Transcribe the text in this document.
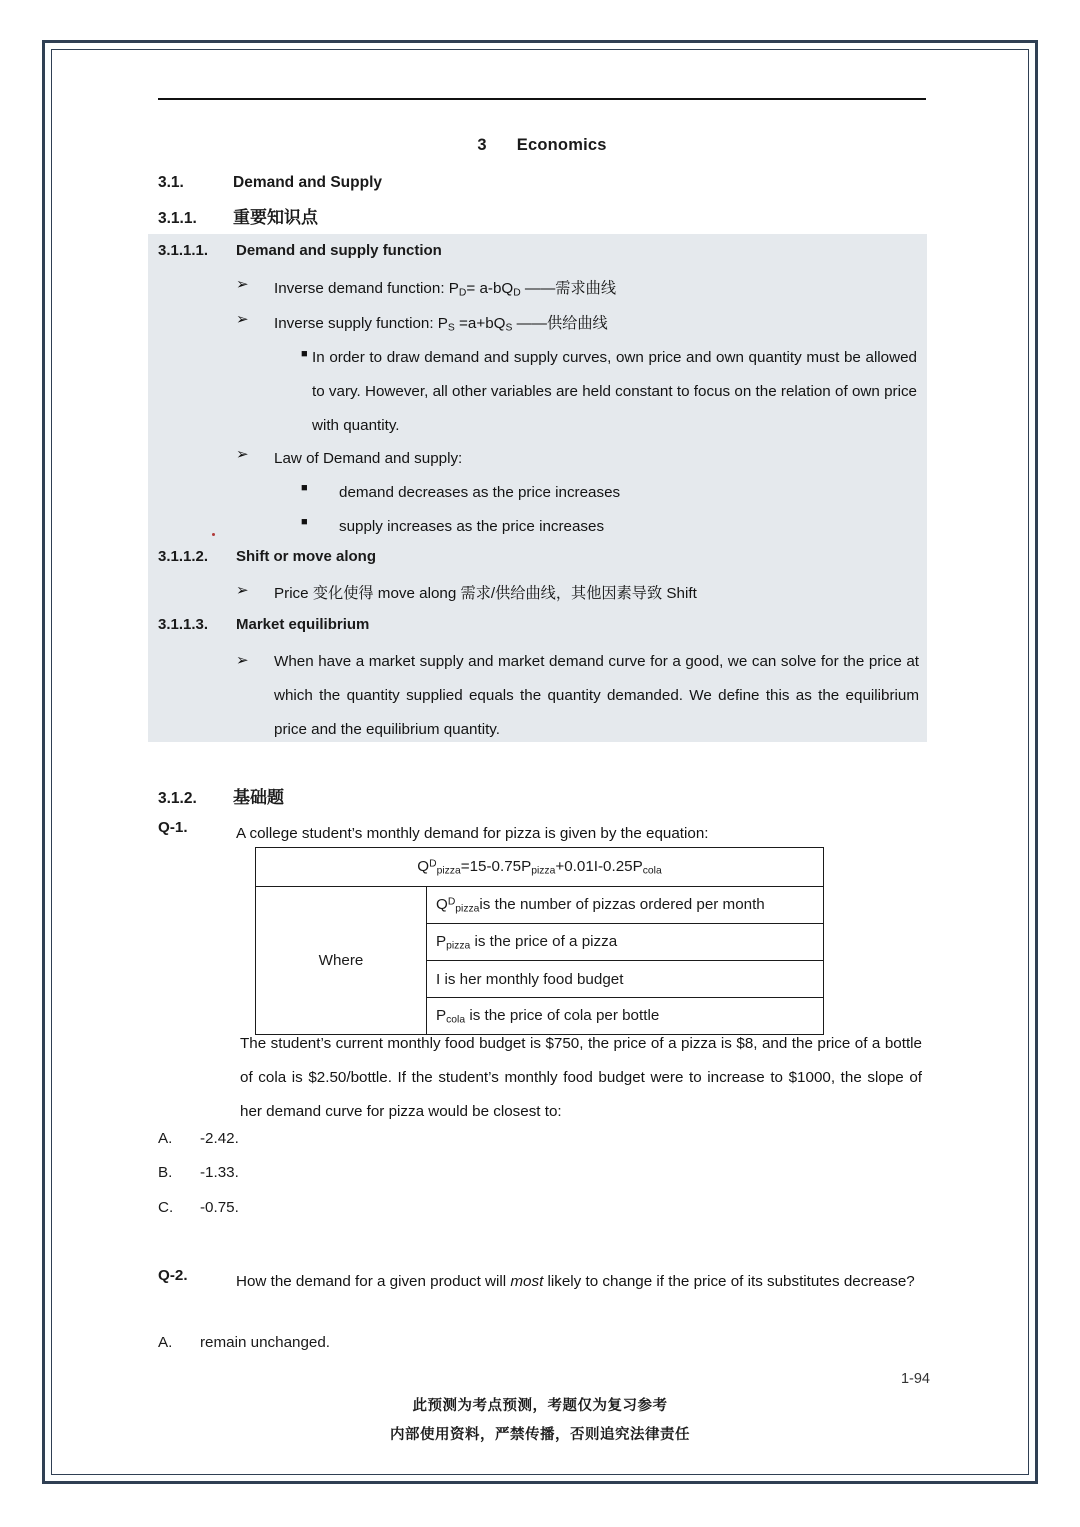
3 Economics
3.1.	Demand and Supply
3.1.1. 重要知识点
3.1.1.1. Demand and supply function
➢ Inverse demand function: $P_D= a-bQ_D$ ——需求曲线
➢ Inverse supply function: $P_S =a+bQ_S$ ——供给曲线
■ In order to draw demand and supply curves, own price and own quantity must be allowed to vary. However, all other variables are held constant to focus on the relation of own price with quantity.
➢ Law of Demand and supply:
■ demand decreases as the price increases
■ supply increases as the price increases
3.1.1.2. Shift or move along
➢ Price 变化使得 move along 需求/供给曲线，其他因素导致 Shift
3.1.1.3. Market equilibrium
➢ When have a market supply and market demand curve for a good, we can solve for the price at which the quantity supplied equals the quantity demanded. We define this as the equilibrium price and the equilibrium quantity.
3.1.2. 基础题
Q-1.	A college student’s monthly demand for pizza is given by the equation:
$Q^D_{pizza}=15-0.75P_{pizza}+0.01I-0.25P_{cola}$
Where	$Q^D_{pizza}is$ the number of pizzas ordered per month
$P_{pizza}$ is the price of a pizza
I is her monthly food budget
$P_{cola}$ is the price of cola per bottle
The student’s current monthly food budget is $750, the price of a pizza is $8, and the price of a bottle of cola is $2.50/bottle. If the student’s monthly food budget were to increase to $1000, the slope of her demand curve for pizza would be closest to:
A. -2.42.
B. -1.33.
C. -0.75.
Q-2.	How the demand for a given product will most likely to change if the price of its substitutes decrease?
A. remain unchanged.
1-94
此预测为考点预测，考题仅为复习参考
内部使用资料，严禁传播，否则追究法律责任
